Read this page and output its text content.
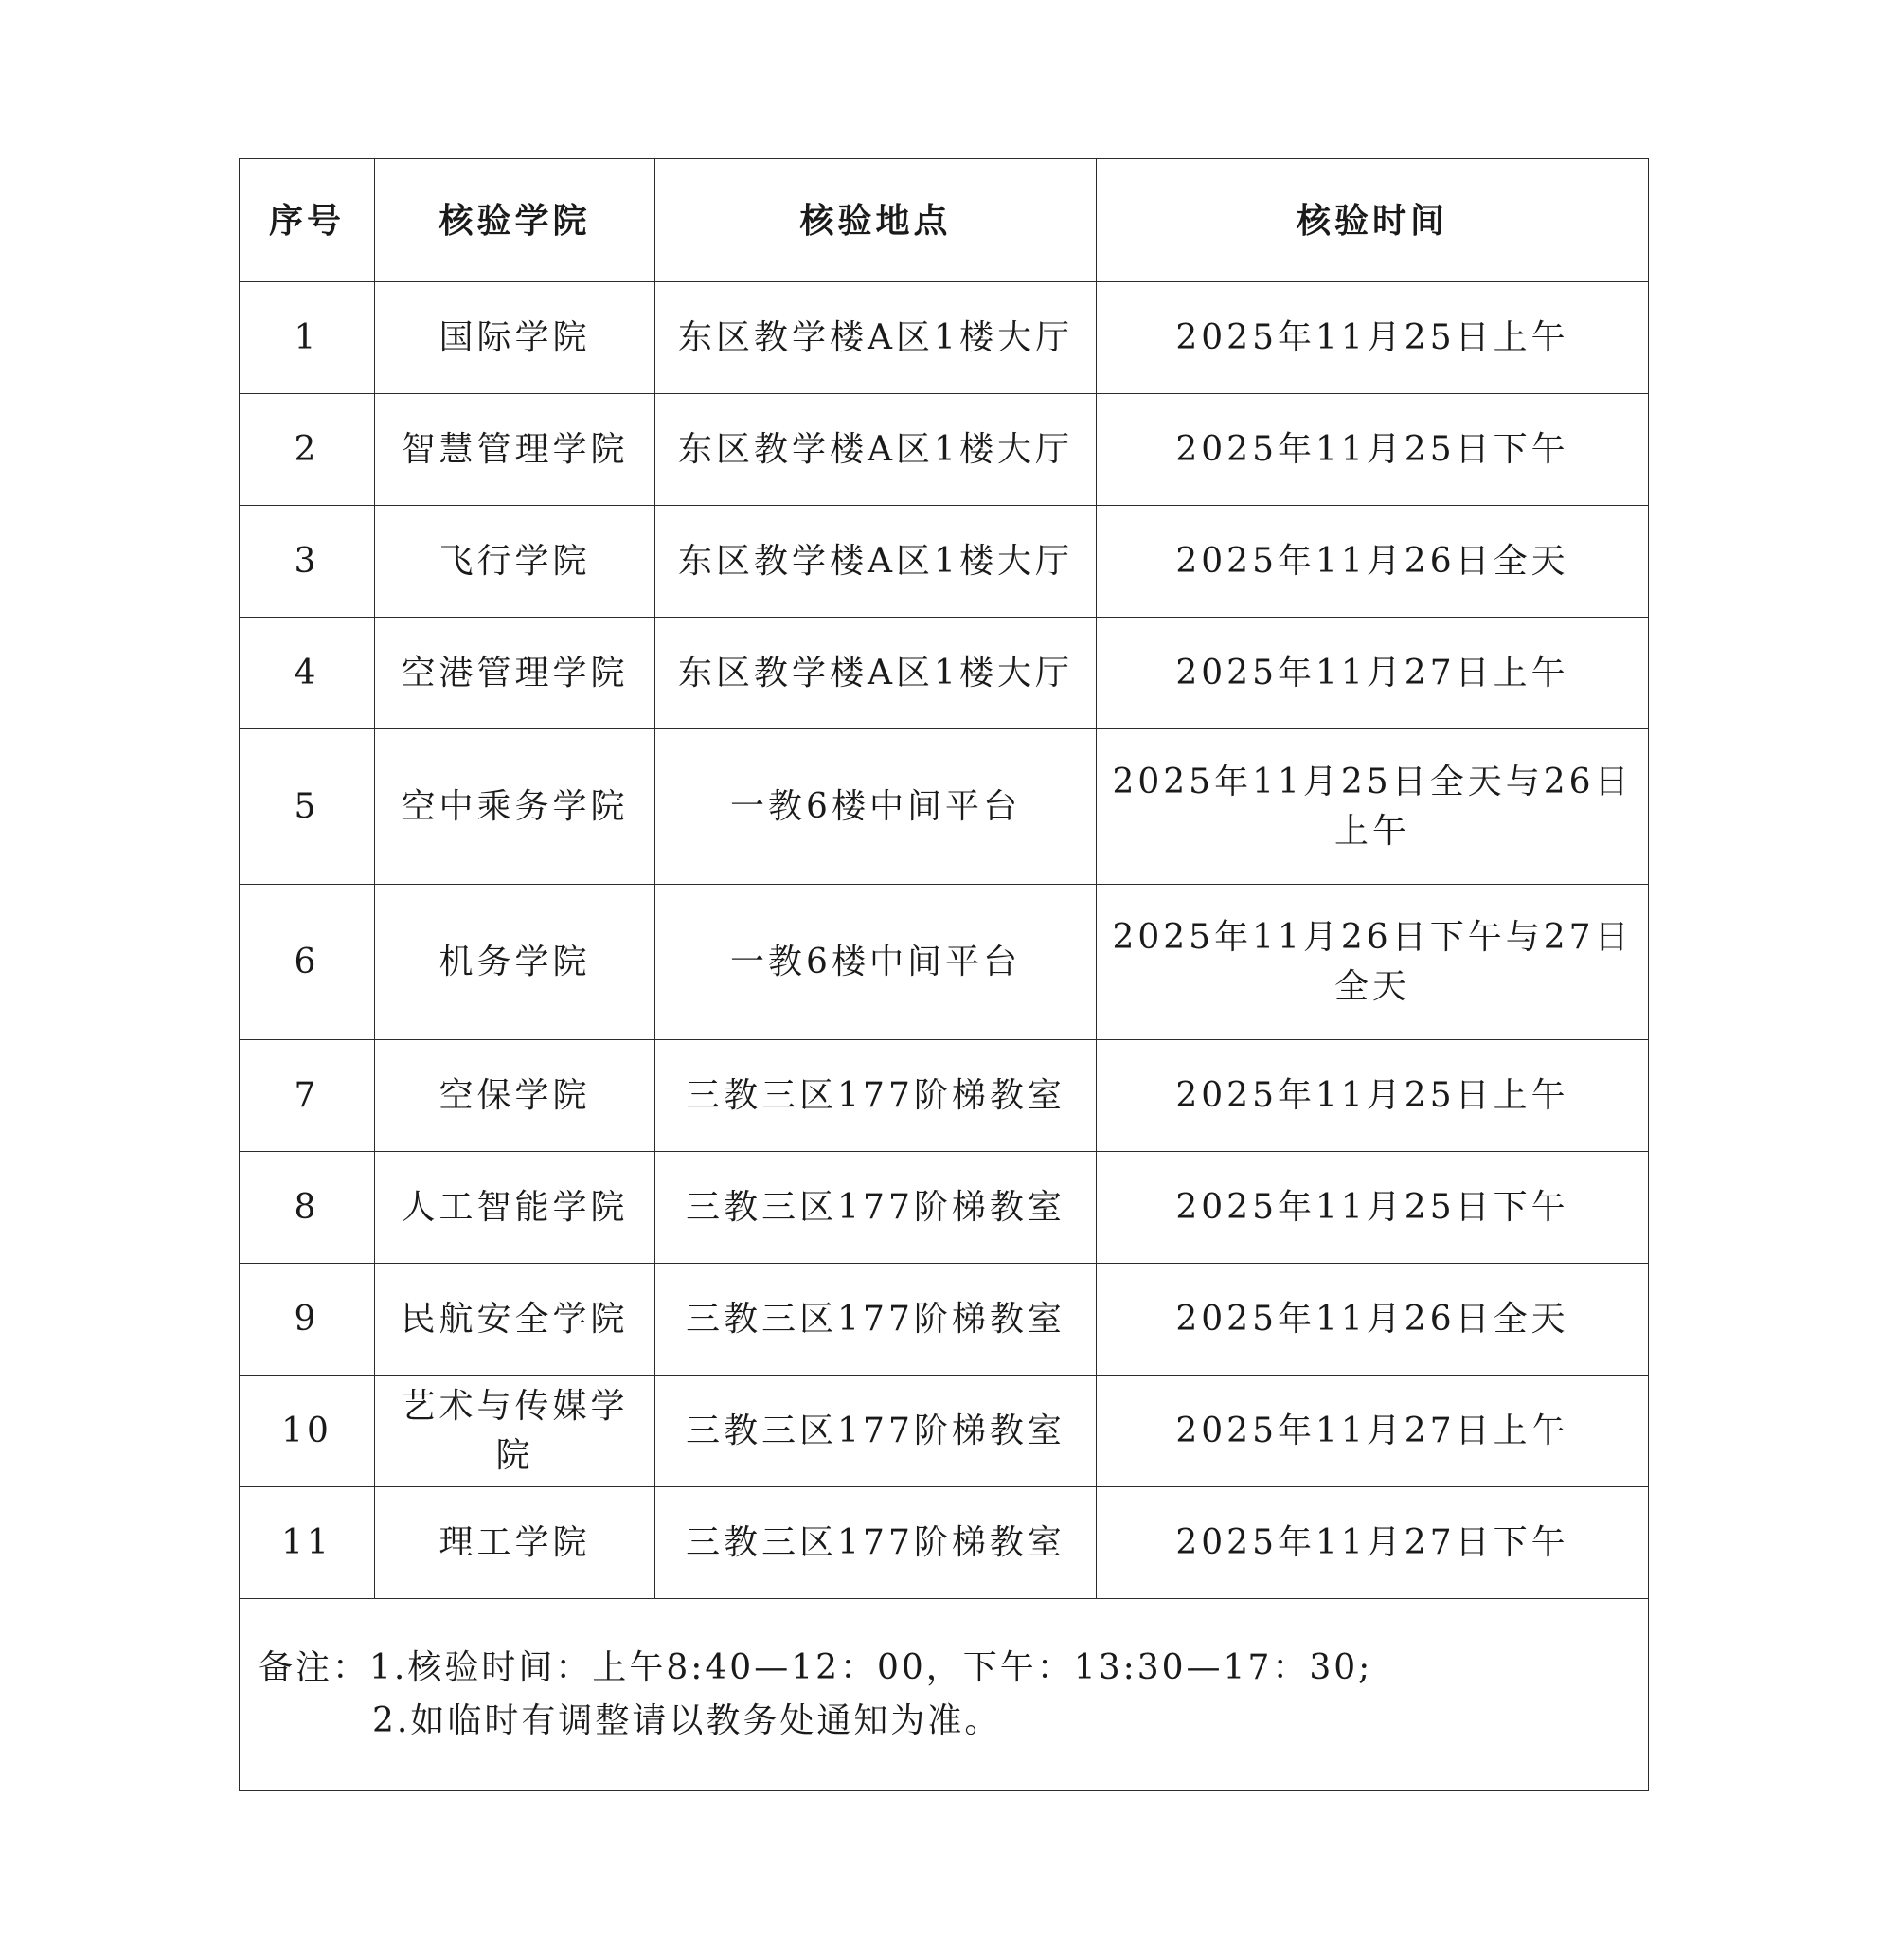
序号	核验学院	核验地点	核验时间
1	国际学院	东区教学楼A区1楼大厅	2025年11月25日上午
2	智慧管理学院	东区教学楼A区1楼大厅	2025年11月25日下午
3	飞行学院	东区教学楼A区1楼大厅	2025年11月26日全天
4	空港管理学院	东区教学楼A区1楼大厅	2025年11月27日上午
5	空中乘务学院	一教6楼中间平台	2025年11月25日全天与26日上午
6	机务学院	一教6楼中间平台	2025年11月26日下午与27日全天
7	空保学院	三教三区177阶梯教室	2025年11月25日上午
8	人工智能学院	三教三区177阶梯教室	2025年11月25日下午
9	民航安全学院	三教三区177阶梯教室	2025年11月26日全天
10	艺术与传媒学院	三教三区177阶梯教室	2025年11月27日上午
11	理工学院	三教三区177阶梯教室	2025年11月27日下午
备注：1.核验时间：上午8:40—12：00，下午：13:30—17：30;
2.如临时有调整请以教务处通知为准。			
